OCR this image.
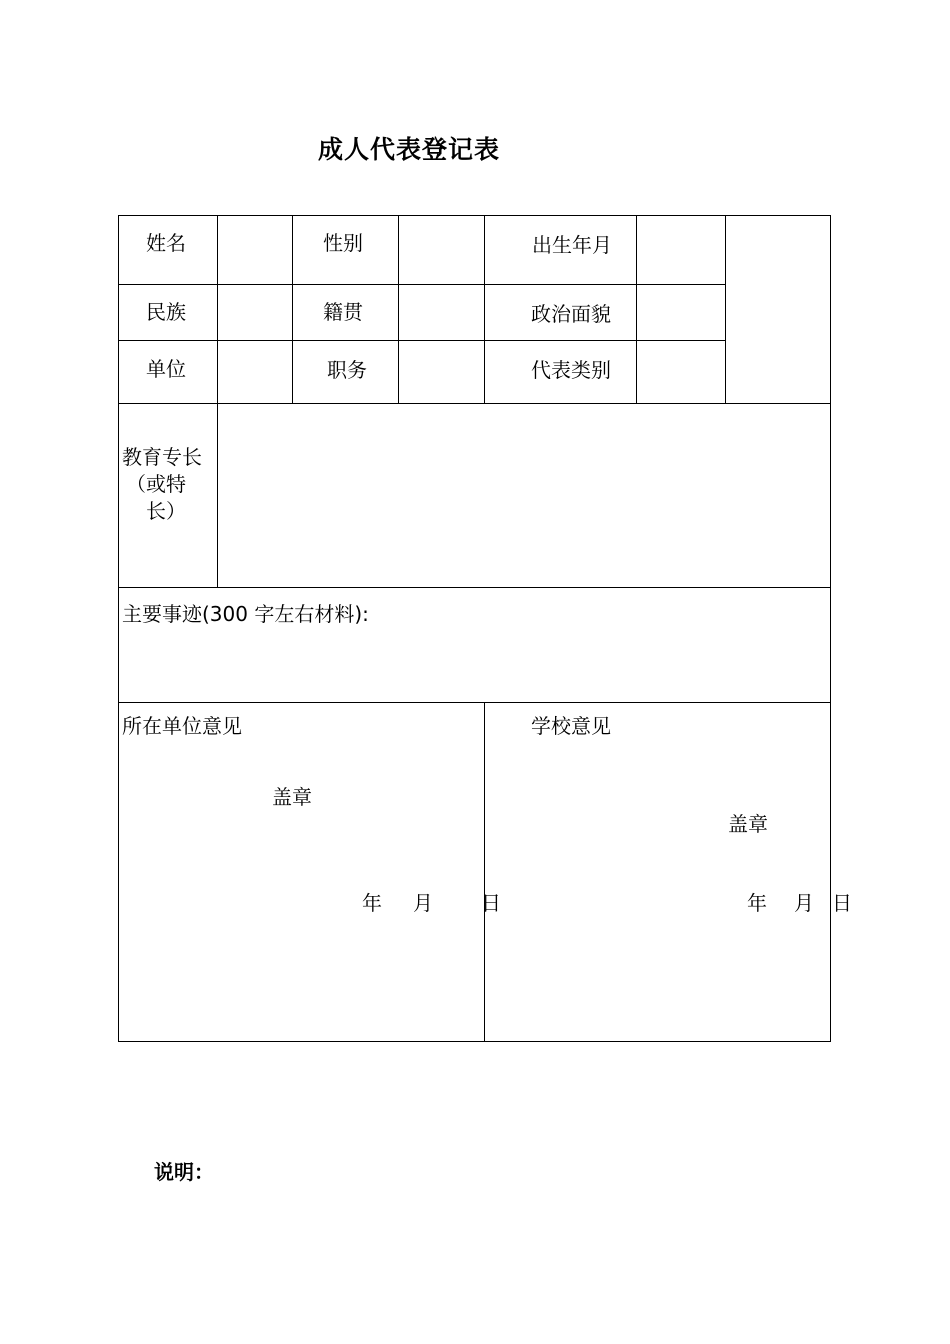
成人代表登记表
姓名	性别	出生年月
民族	籍贯	政治面貌
单位	职务	代表类别
教育专长
（或特
长）
主要事迹(300 字左右材料):
所在单位意见
盖章
年 月 日
学校意见
盖章
年 月 日
说明：
